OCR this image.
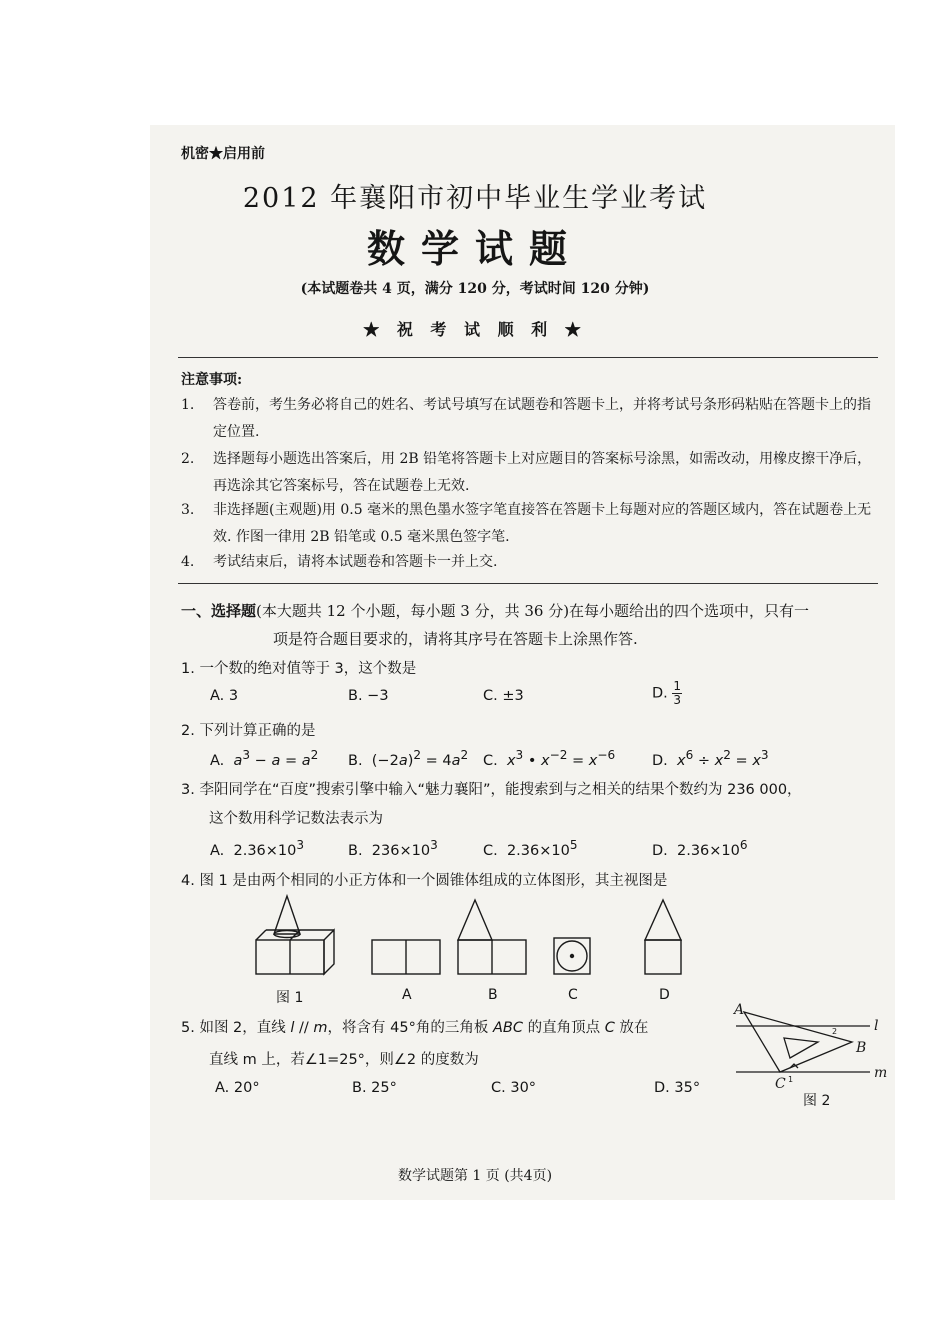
机密★启用前
2012 年襄阳市初中毕业生学业考试
数学试题
(本试题卷共 4 页，满分 120 分，考试时间 120 分钟)
★ 祝 考 试 顺 利 ★
注意事项:
1. 答卷前，考生务必将自己的姓名、考试号填写在试题卷和答题卡上，并将考试号条形码粘贴在答题卡上的指定位置.
2. 选择题每小题选出答案后，用 2B 铅笔将答题卡上对应题目的答案标号涂黑，如需改动，用橡皮擦干净后，再选涂其它答案标号，答在试题卷上无效.
3. 非选择题(主观题)用 0.5 毫米的黑色墨水签字笔直接答在答题卡上每题对应的答题区域内，答在试题卷上无效. 作图一律用 2B 铅笔或 0.5 毫米黑色签字笔.
4. 考试结束后，请将本试题卷和答题卡一并上交.
一、选择题(本大题共 12 个小题，每小题 3 分，共 36 分)在每小题给出的四个选项中，只有一
项是符合题目要求的，请将其序号在答题卡上涂黑作答.
1. 一个数的绝对值等于 3，这个数是
A. 3	B. −3	C. ±3	D. $\frac{1}{3}$
2. 下列计算正确的是
A.  $a^3 - a = a^2$ B.  $(-2a)^2 = 4a^2$ C.  $x^3$ • $x^{-2} = x^{-6}$	D.  $x^6 \div x^2 = x^3$
3. 李阳同学在“百度”搜索引擎中输入“魅力襄阳”，能搜索到与之相关的结果个数约为 236 000，
这个数用科学记数法表示为
A.  $2.36\times 10^3$	B.  $236\times 10^3$	C.  $2.36\times 10^5$	D.  $2.36\times 10^6$
4. 图 1 是由两个相同的小正方体和一个圆锥体组成的立体图形，其主视图是
图 1	A	B	C	D
5. 如图 2，直线 l // m，将含有 45°角的三角板 ABC 的直角顶点 C 放在
直线 m 上，若∠1=25°，则∠2 的度数为
A. 20°	B. 25°	C. 30°	D. 35°
A
B
C
l
m
2
1
图 2
数学试题第 1 页 (共4页)
